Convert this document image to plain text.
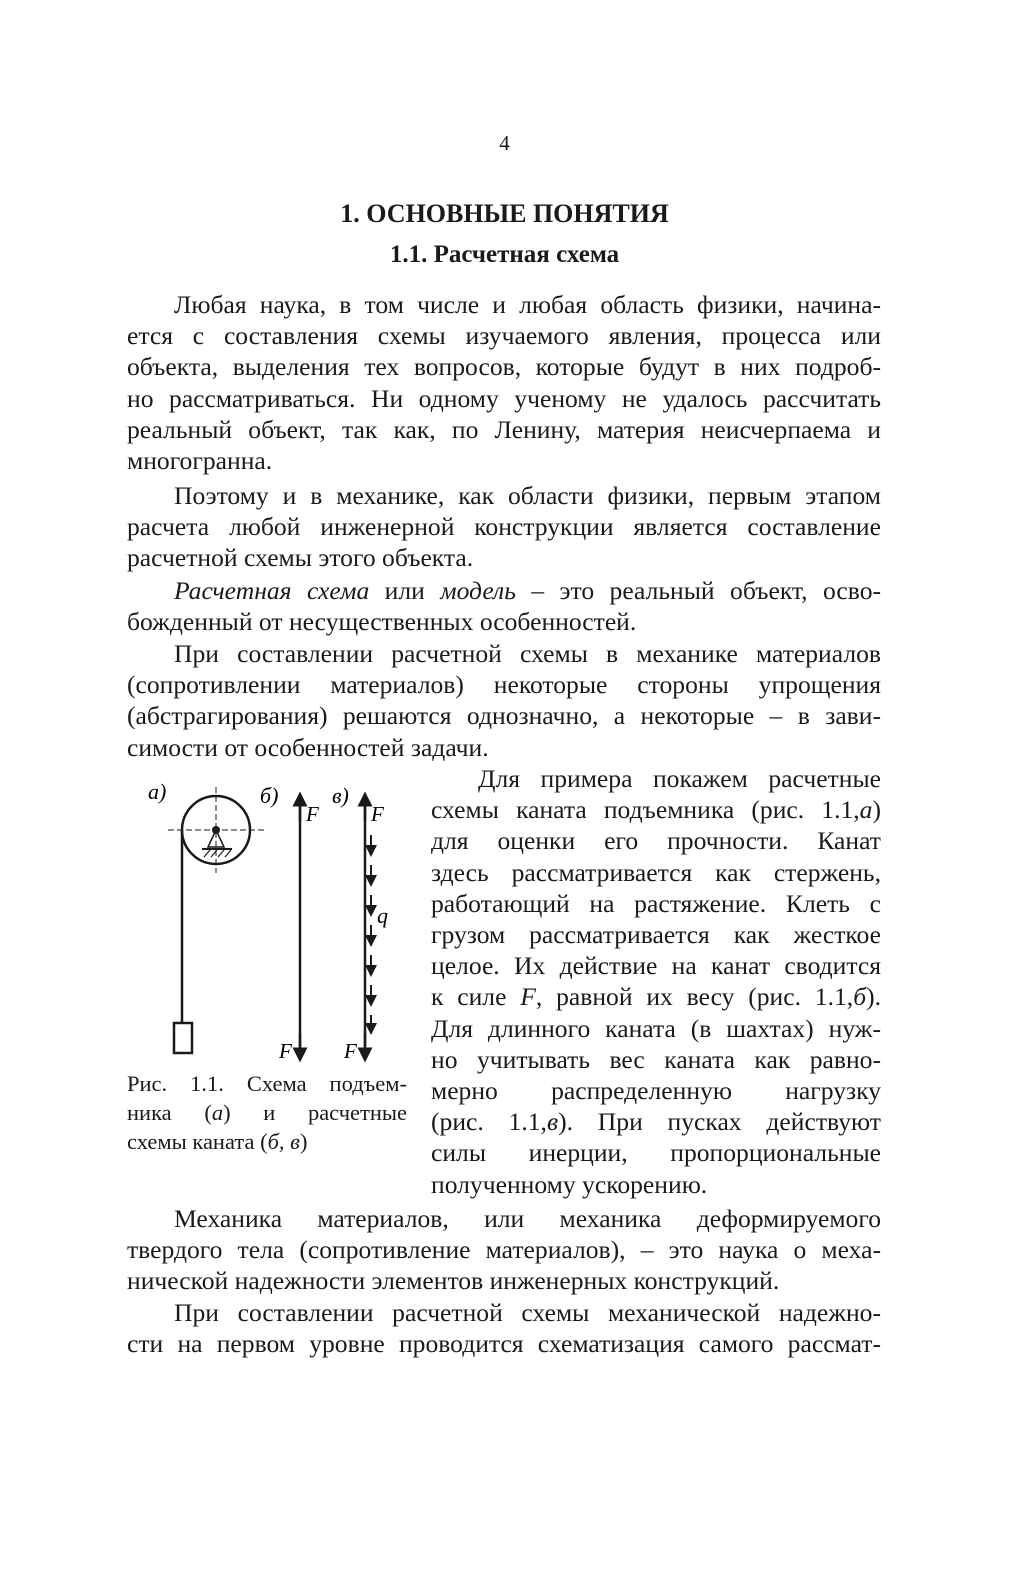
4
1. ОСНОВНЫЕ ПОНЯТИЯ
1.1. Расчетная схема
Любая наука, в том числе и любая область физики, начина-
ется с составления схемы изучаемого явления, процесса или
объекта, выделения тех вопросов, которые будут в них подроб-
но рассматриваться. Ни одному ученому не удалось рассчитать
реальный объект, так как, по Ленину, материя неисчерпаема и
многогранна.
Поэтому и в механике, как области физики, первым этапом
расчета любой инженерной конструкции является составление
расчетной схемы этого объекта.
Расчетная схема или модель – это реальный объект, осво-
божденный от несущественных особенностей.
При составлении расчетной схемы в механике материалов
(сопротивлении материалов) некоторые стороны упрощения
(абстрагирования) решаются однозначно, а некоторые – в зави-
симости от особенностей задачи.
а)	б)
F
F
в)
F
F
q
Рис. 1.1. Схема подъем-
ника (а) и расчетные
схемы каната (б, в)
Для примера покажем расчетные
схемы каната подъемника (рис. 1.1,а)
для оценки его прочности. Канат
здесь рассматривается как стержень,
работающий на растяжение. Клеть с
грузом рассматривается как жесткое
целое. Их действие на канат сводится
к силе F, равной их весу (рис. 1.1,б).
Для длинного каната (в шахтах) нуж-
но учитывать вес каната как равно-
мерно распределенную нагрузку
(рис. 1.1,в). При пусках действуют
силы инерции, пропорциональные
полученному ускорению.
Механика материалов, или механика деформируемого
твердого тела (сопротивление материалов), – это наука о меха-
нической надежности элементов инженерных конструкций.
При составлении расчетной схемы механической надежно-
сти на первом уровне проводится схематизация самого рассмат-
